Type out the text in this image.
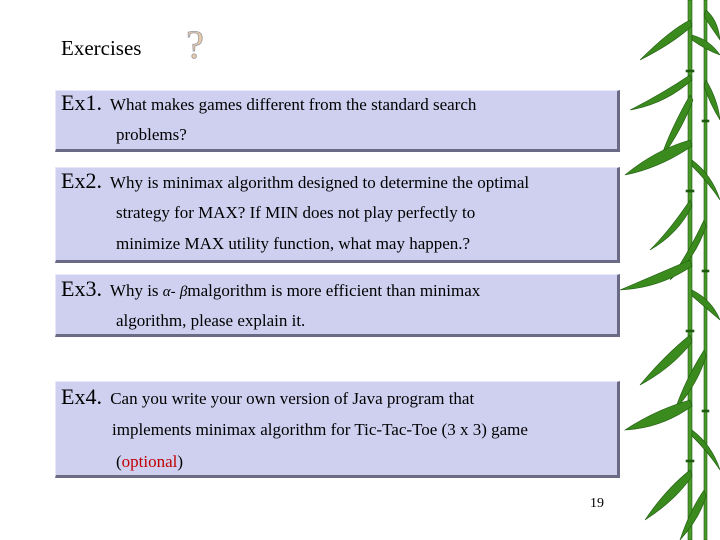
Exercises ?
Ex1. What makes games different from the standard search
problems?
Ex2. Why is minimax algorithm designed to determine the optimal
strategy for MAX? If MIN does not play perfectly to
minimize MAX utility function, what may happen.?
Ex3. Why is α- βmalgorithm is more efficient than minimax
algorithm, please explain it.
Ex4. Can you write your own version of Java program that
implements minimax algorithm for Tic-Tac-Toe (3 x 3) game
(optional)
19
